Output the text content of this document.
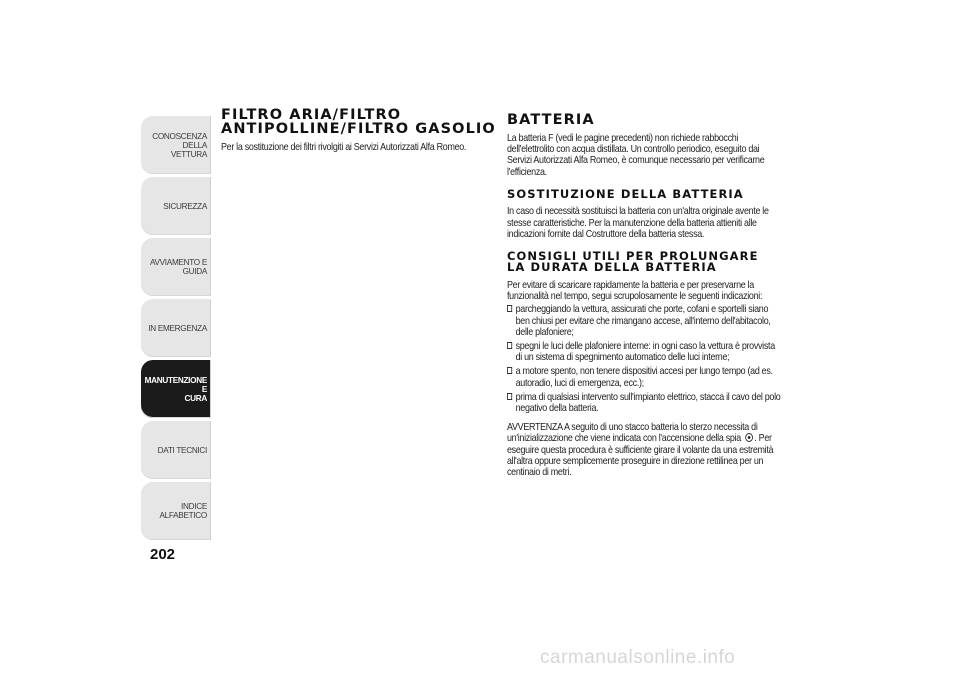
CONOSCENZA
DELLA VETTURA
SICUREZZA
AVVIAMENTO E
GUIDA
IN EMERGENZA
MANUTENZIONE E
CURA
DATI TECNICI
INDICE ALFABETICO
202
FILTRO ARIA/FILTRO ANTIPOLLINE/FILTRO GASOLIO

Per la sostituzione dei filtri rivolgiti ai Servizi Autorizzati Alfa Romeo.

BATTERIA

La batteria F (vedi le pagine precedenti) non richiede rabbocchi dell'elettrolito con acqua distillata. Un controllo periodico, eseguito dai Servizi Autorizzati Alfa Romeo, è comunque necessario per verificarne l'efficienza.

SOSTITUZIONE DELLA BATTERIA

In caso di necessità sostituisci la batteria con un'altra originale avente le stesse caratteristiche. Per la manutenzione della batteria attieniti alle indicazioni fornite dal Costruttore della batteria stessa.

CONSIGLI UTILI PER PROLUNGARE LA DURATA DELLA BATTERIA
Per evitare di scaricare rapidamente la batteria e per preservarne la funzionalità nel tempo, segui scrupolosamente le seguenti indicazioni:
parcheggiando la vettura, assicurati che porte, cofani e sportelli siano ben chiusi per evitare che rimangano accese, all'interno dell'abitacolo, delle plafoniere;
spegni le luci delle plafoniere interne: in ogni caso la vettura è provvista di un sistema di spegnimento automatico delle luci interne;
a motore spento, non tenere dispositivi accesi per lungo tempo (ad es. autoradio, luci di emergenza, ecc.);
prima di qualsiasi intervento sull'impianto elettrico, stacca il cavo del polo negativo della batteria.
AVVERTENZA A seguito di uno stacco batteria lo sterzo necessita di un'inizializzazione che viene indicata con l'accensione della spia . Per eseguire questa procedura è sufficiente girare il volante da una estremità all'altra oppure semplicemente proseguire in direzione rettilinea per un centinaio di metri.
carmanualsonline.info
